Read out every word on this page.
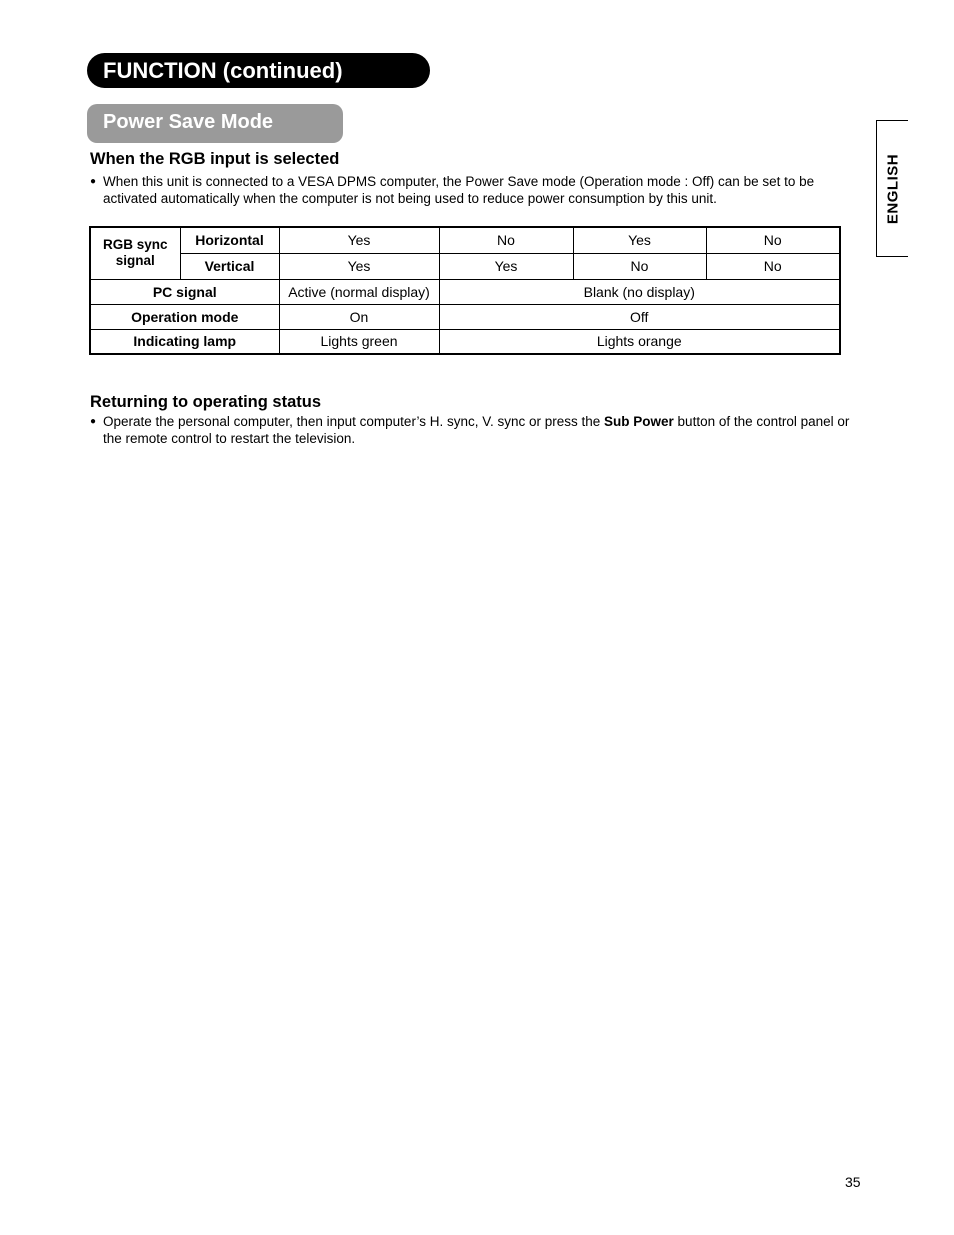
FUNCTION (continued)
Power Save Mode
When the RGB input is selected
● When this unit is connected to a VESA DPMS computer, the Power Save mode (Operation mode : Off) can be set to be activated automatically when the computer is not being used to reduce power consumption by this unit.
RGB sync signal	Horizontal	Yes	No	Yes	No
	Vertical	Yes	Yes	No	No
PC signal		Active (normal display)	Blank (no display)		
Operation mode		On	Off		
Indicating lamp		Lights green	Lights orange		
Returning to operating status
● Operate the personal computer, then input computer’s H. sync, V. sync or press the Sub Power button of the control panel or the remote control to restart the television.
ENGLISH
35
